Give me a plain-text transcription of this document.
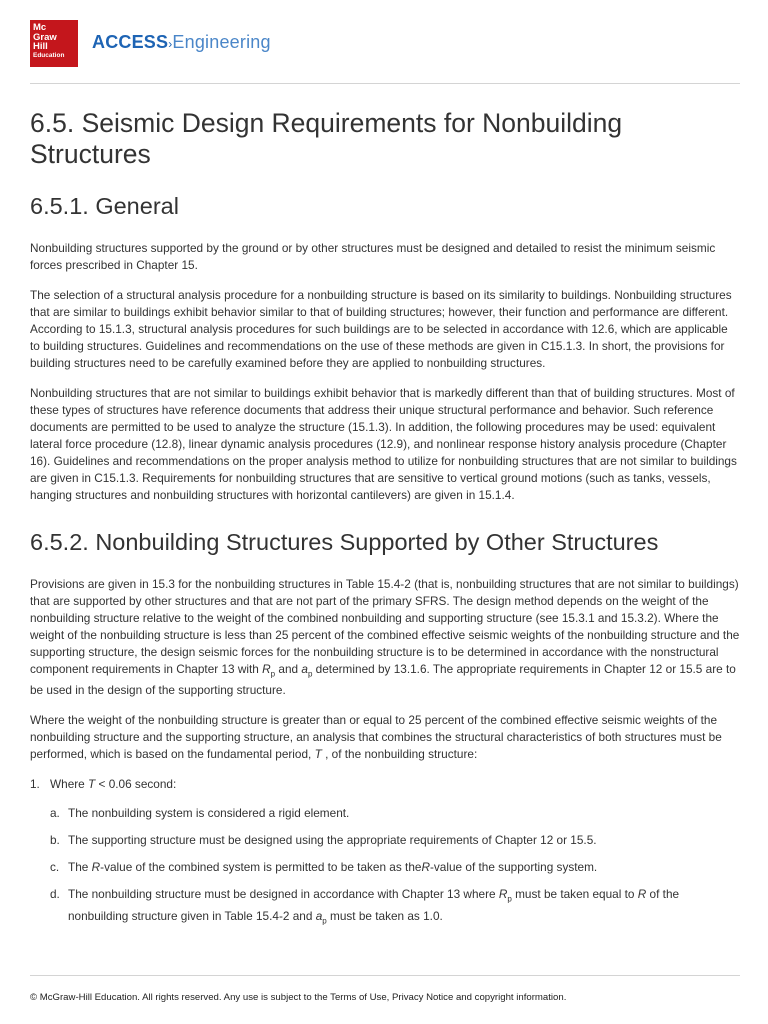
Mc
Graw
Hill
Education
ACCESS›Engineering
6.5. Seismic Design Requirements for Nonbuilding Structures
6.5.1. General

Nonbuilding structures supported by the ground or by other structures must be designed and detailed to resist the minimum seismic forces prescribed in Chapter 15.

The selection of a structural analysis procedure for a nonbuilding structure is based on its similarity to buildings. Nonbuilding structures that are similar to buildings exhibit behavior similar to that of building structures; however, their function and performance are different. According to 15.1.3, structural analysis procedures for such buildings are to be selected in accordance with 12.6, which are applicable to building structures. Guidelines and recommendations on the use of these methods are given in C15.1.3. In short, the provisions for building structures need to be carefully examined before they are applied to nonbuilding structures.

Nonbuilding structures that are not similar to buildings exhibit behavior that is markedly different than that of building structures. Most of these types of structures have reference documents that address their unique structural performance and behavior. Such reference documents are permitted to be used to analyze the structure (15.1.3). In addition, the following procedures may be used: equivalent lateral force procedure (12.8), linear dynamic analysis procedures (12.9), and nonlinear response history analysis procedure (Chapter 16). Guidelines and recommendations on the proper analysis method to utilize for nonbuilding structures that are not similar to buildings are given in C15.1.3. Requirements for nonbuilding structures that are sensitive to vertical ground motions (such as tanks, vessels, hanging structures and nonbuilding structures with horizontal cantilevers) are given in 15.1.4.

6.5.2. Nonbuilding Structures Supported by Other Structures

Provisions are given in 15.3 for the nonbuilding structures in Table 15.4-2 (that is, nonbuilding structures that are not similar to buildings) that are supported by other structures and that are not part of the primary SFRS. The design method depends on the weight of the nonbuilding structure relative to the weight of the combined nonbuilding and supporting structure (see 15.3.1 and 15.3.2). Where the weight of the nonbuilding structure is less than 25 percent of the combined effective seismic weights of the nonbuilding structure and the supporting structure, the design seismic forces for the nonbuilding structure is to be determined in accordance with the nonstructural component requirements in Chapter 13 with $R_p$ and $a_p$ determined by 13.1.6. The appropriate requirements in Chapter 12 or 15.5 are to be used in the design of the supporting structure.

Where the weight of the nonbuilding structure is greater than or equal to 25 percent of the combined effective seismic weights of the nonbuilding structure and the supporting structure, an analysis that combines the structural characteristics of both structures must be performed, which is based on the fundamental period, T , of the nonbuilding structure:

1. Where T < 0.06 second:
a. The nonbuilding system is considered a rigid element.
b. The supporting structure must be designed using the appropriate requirements of Chapter 12 or 15.5.
c. The R-value of the combined system is permitted to be taken as theR-value of the supporting system.
d. The nonbuilding structure must be designed in accordance with Chapter 13 where $R_p$ must be taken equal to R of the nonbuilding structure given in Table 15.4-2 and $a_p$ must be taken as 1.0.
© McGraw-Hill Education. All rights reserved. Any use is subject to the Terms of Use, Privacy Notice and copyright information.
